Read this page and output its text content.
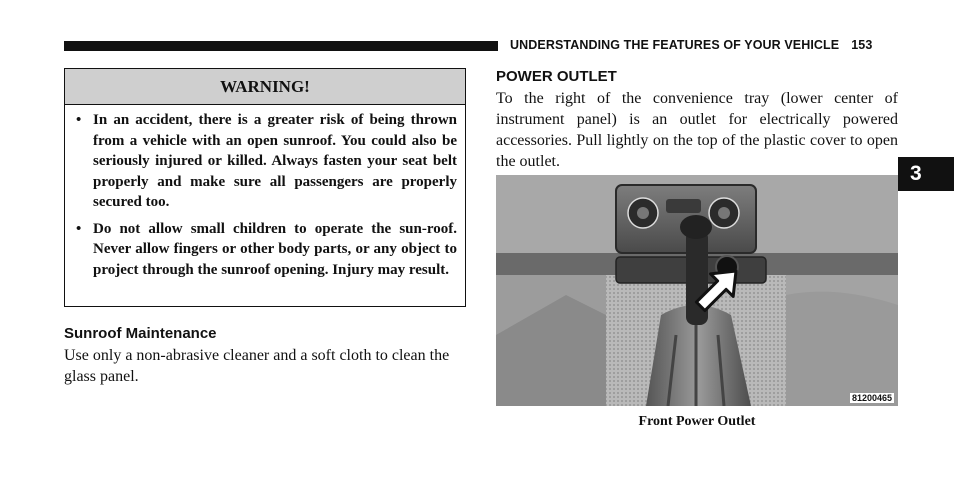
UNDERSTANDING THE FEATURES OF YOUR VEHICLE 153
3
WARNING!
• In an accident, there is a greater risk of being thrown from a vehicle with an open sunroof. You could also be seriously injured or killed. Always fasten your seat belt properly and make sure all passengers are properly secured too.
• Do not allow small children to operate the sun-roof. Never allow fingers or other body parts, or any object to project through the sunroof opening. Injury may result.
Sunroof Maintenance

Use only a non-abrasive cleaner and a soft cloth to clean the glass panel.

POWER OUTLET

To the right of the convenience tray (lower center of instrument panel) is an outlet for electrically powered accessories. Pull lightly on the top of the plastic cover to open the outlet.

81200465
Front Power Outlet
